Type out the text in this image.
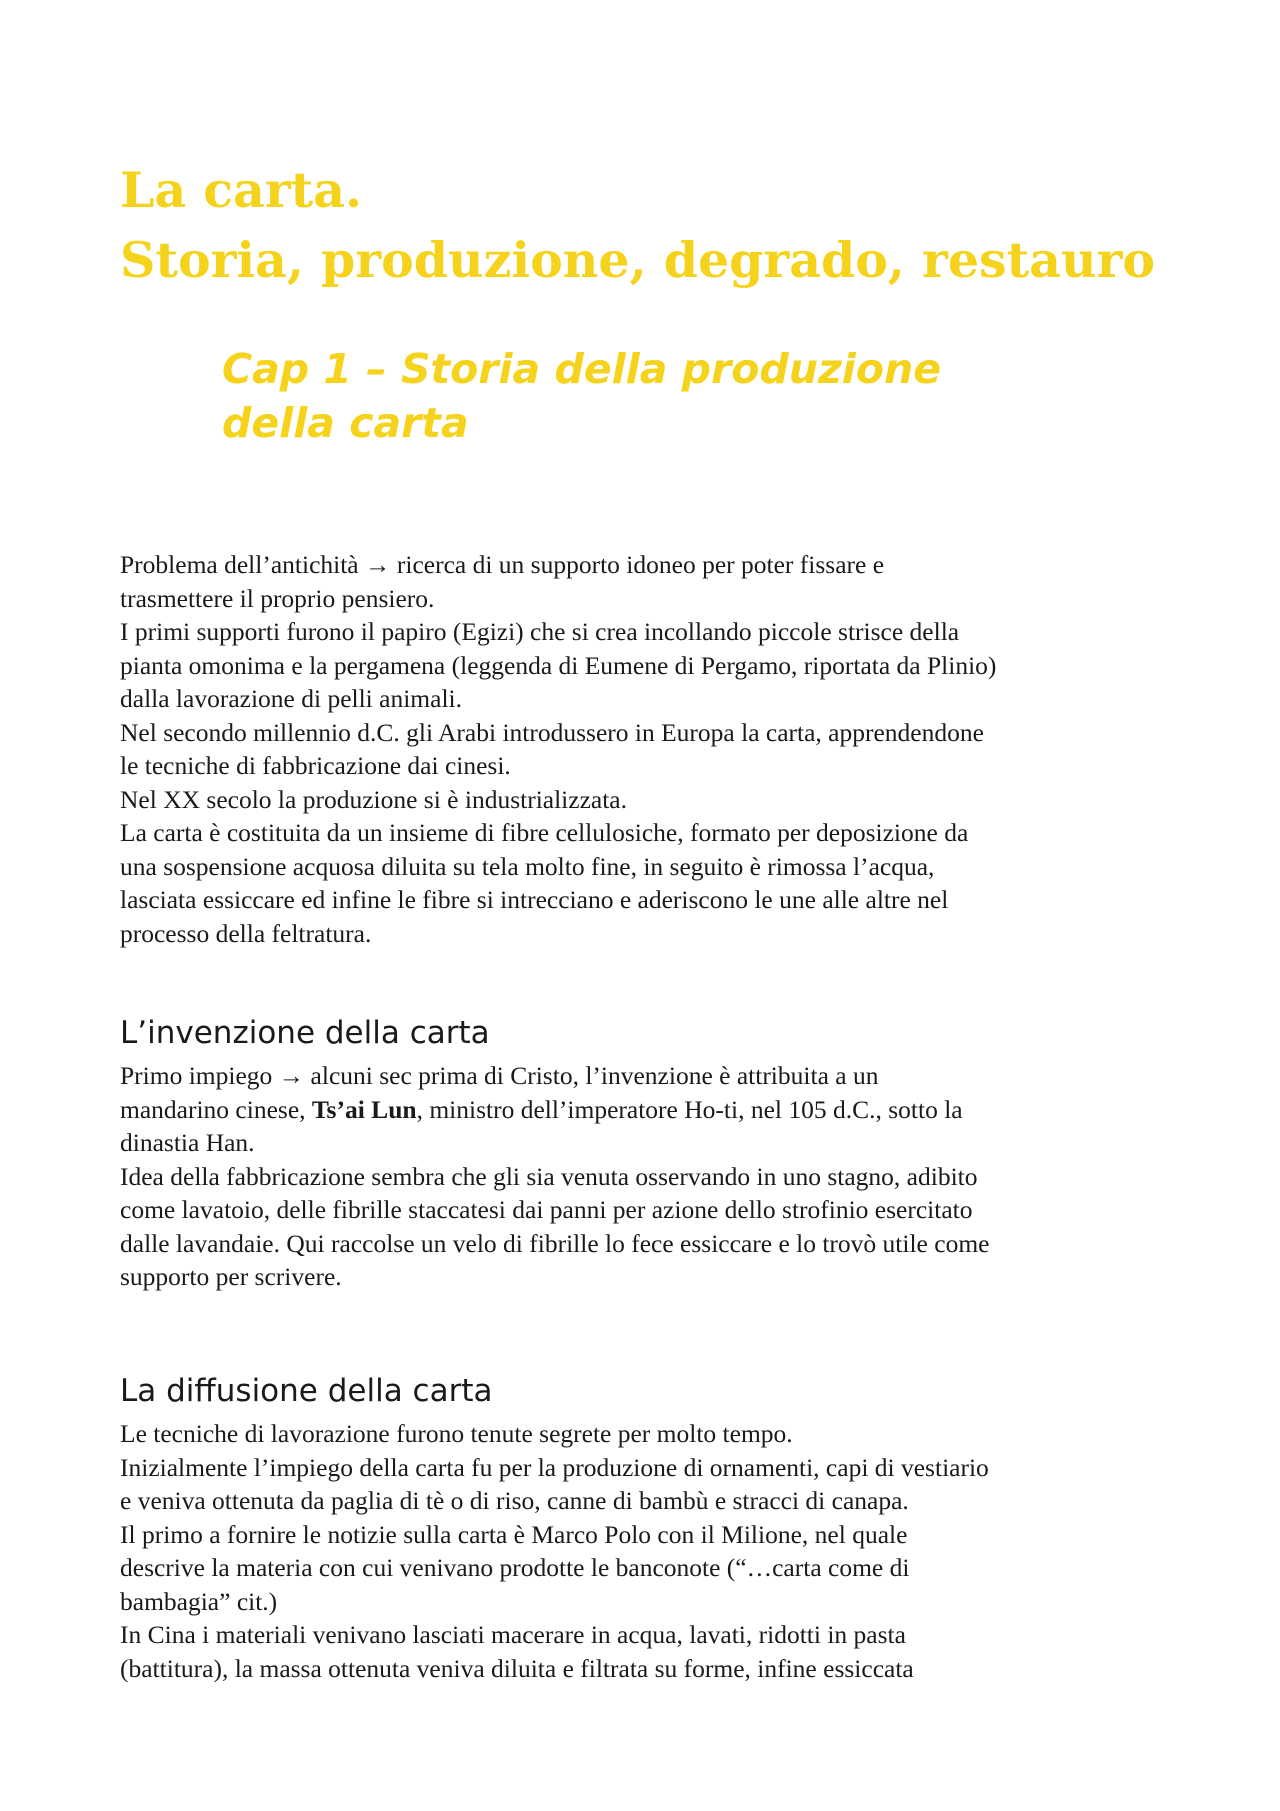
La carta.
Storia, produzione, degrado, restauro
Cap 1 – Storia della produzione
della carta
Problema dell’antichità → ricerca di un supporto idoneo per poter fissare e
trasmettere il proprio pensiero.
I primi supporti furono il papiro (Egizi) che si crea incollando piccole strisce della
pianta omonima e la pergamena (leggenda di Eumene di Pergamo, riportata da Plinio)
dalla lavorazione di pelli animali.
Nel secondo millennio d.C. gli Arabi introdussero in Europa la carta, apprendendone
le tecniche di fabbricazione dai cinesi.
Nel XX secolo la produzione si è industrializzata.
La carta è costituita da un insieme di fibre cellulosiche, formato per deposizione da
una sospensione acquosa diluita su tela molto fine, in seguito è rimossa l’acqua,
lasciata essiccare ed infine le fibre si intrecciano e aderiscono le une alle altre nel
processo della feltratura.
L’invenzione della carta
Primo impiego → alcuni sec prima di Cristo, l’invenzione è attribuita a un
mandarino cinese, Ts’ai Lun, ministro dell’imperatore Ho-ti, nel 105 d.C., sotto la
dinastia Han.
Idea della fabbricazione sembra che gli sia venuta osservando in uno stagno, adibito
come lavatoio, delle fibrille staccatesi dai panni per azione dello strofinio esercitato
dalle lavandaie. Qui raccolse un velo di fibrille lo fece essiccare e lo trovò utile come
supporto per scrivere.
La diffusione della carta
Le tecniche di lavorazione furono tenute segrete per molto tempo.
Inizialmente l’impiego della carta fu per la produzione di ornamenti, capi di vestiario
e veniva ottenuta da paglia di tè o di riso, canne di bambù e stracci di canapa.
Il primo a fornire le notizie sulla carta è Marco Polo con il Milione, nel quale
descrive la materia con cui venivano prodotte le banconote (“…carta come di
bambagia” cit.)
In Cina i materiali venivano lasciati macerare in acqua, lavati, ridotti in pasta
(battitura), la massa ottenuta veniva diluita e filtrata su forme, infine essiccata
